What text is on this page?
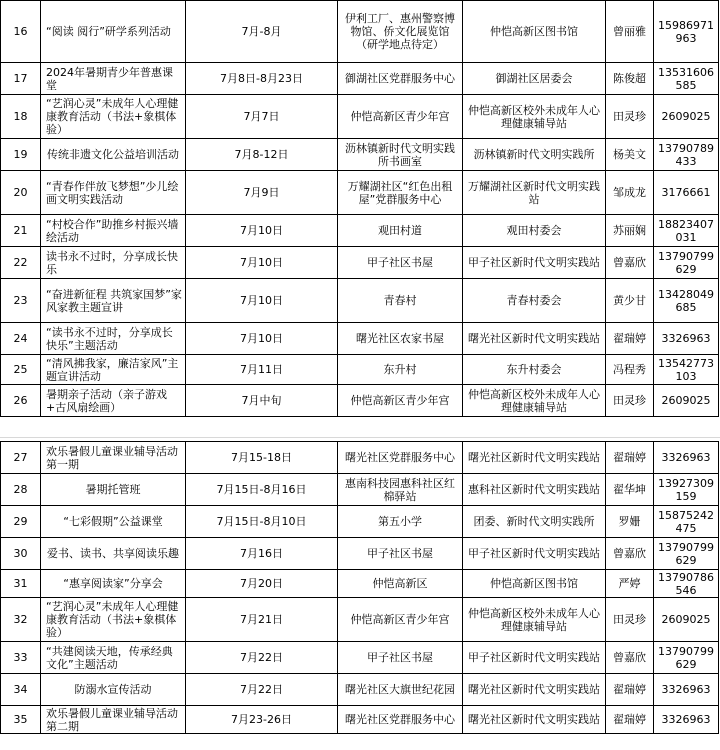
16	“阅读 阅行”研学系列活动	7月-8月	伊利工厂、惠州警察博物馆、侨文化展览馆（研学地点待定）	仲恺高新区图书馆	曾丽雅	15986971963
17	2024年暑期青少年普惠课堂	7月8日-8月23日	御湖社区党群服务中心	御湖社区居委会	陈俊超	13531606585
18	“艺润心灵”未成年人心理健康教育活动（书法+象棋体验）	7月7日	仲恺高新区青少年宫	仲恺高新区校外未成年人心理健康辅导站	田灵珍	2609025
19	传统非遗文化公益培训活动	7月8-12日	沥林镇新时代文明实践所书画室	沥林镇新时代文明实践所	杨美文	13790789433
20	“青春作伴放飞梦想”少儿绘画文明实践活动	7月9日	万耀湖社区“红色出租屋”党群服务中心	万耀湖社区新时代文明实践站	邹成龙	3176661
21	“村校合作”助推乡村振兴墙绘活动	7月10日	观田村道	观田村委会	苏丽娴	18823407031
22	读书永不过时，分享成长快乐	7月10日	甲子社区书屋	甲子社区新时代文明实践站	曾嘉欣	13790799629
23	“奋进新征程 共筑家国梦”家风家教主题宣讲	7月10日	青春村	青春村委会	黄少甘	13428049685
24	“读书永不过时，分享成长快乐”主题活动	7月10日	曙光社区农家书屋	曙光社区新时代文明实践站	翟瑞婷	3326963
25	“清风拂我家，廉洁家风”主题宣讲活动	7月11日	东升村	东升村委会	冯程秀	13542773103
26	暑期亲子活动（亲子游戏+古风扇绘画）	7月中旬	仲恺高新区青少年宫	仲恺高新区校外未成年人心理健康辅导站	田灵珍	2609025
27	欢乐暑假儿童课业辅导活动第一期	7月15-18日	曙光社区党群服务中心	曙光社区新时代文明实践站	翟瑞婷	3326963
28	暑期托管班	7月15日-8月16日	惠南科技园惠科社区红棉驿站	惠科社区新时代文明实践站	翟华坤	13927309159
29	“七彩假期”公益课堂	7月15日-8月10日	第五小学	团委、新时代文明实践所	罗姗	15875242475
30	爱书、读书、共享阅读乐趣	7月16日	甲子社区书屋	甲子社区新时代文明实践站	曾嘉欣	13790799629
31	“惠享阅读家”分享会	7月20日	仲恺高新区	仲恺高新区图书馆	严婷	13790786546
32	“艺润心灵”未成年人心理健康教育活动（书法+象棋体验）	7月21日	仲恺高新区青少年宫	仲恺高新区校外未成年人心理健康辅导站	田灵珍	2609025
33	“共建阅读天地，传承经典文化”主题活动	7月22日	甲子社区书屋	甲子社区新时代文明实践站	曾嘉欣	13790799629
34	防溺水宣传活动	7月22日	曙光社区大旗世纪花园	曙光社区新时代文明实践站	翟瑞婷	3326963
35	欢乐暑假儿童课业辅导活动第二期	7月23-26日	曙光社区党群服务中心	曙光社区新时代文明实践站	翟瑞婷	3326963
